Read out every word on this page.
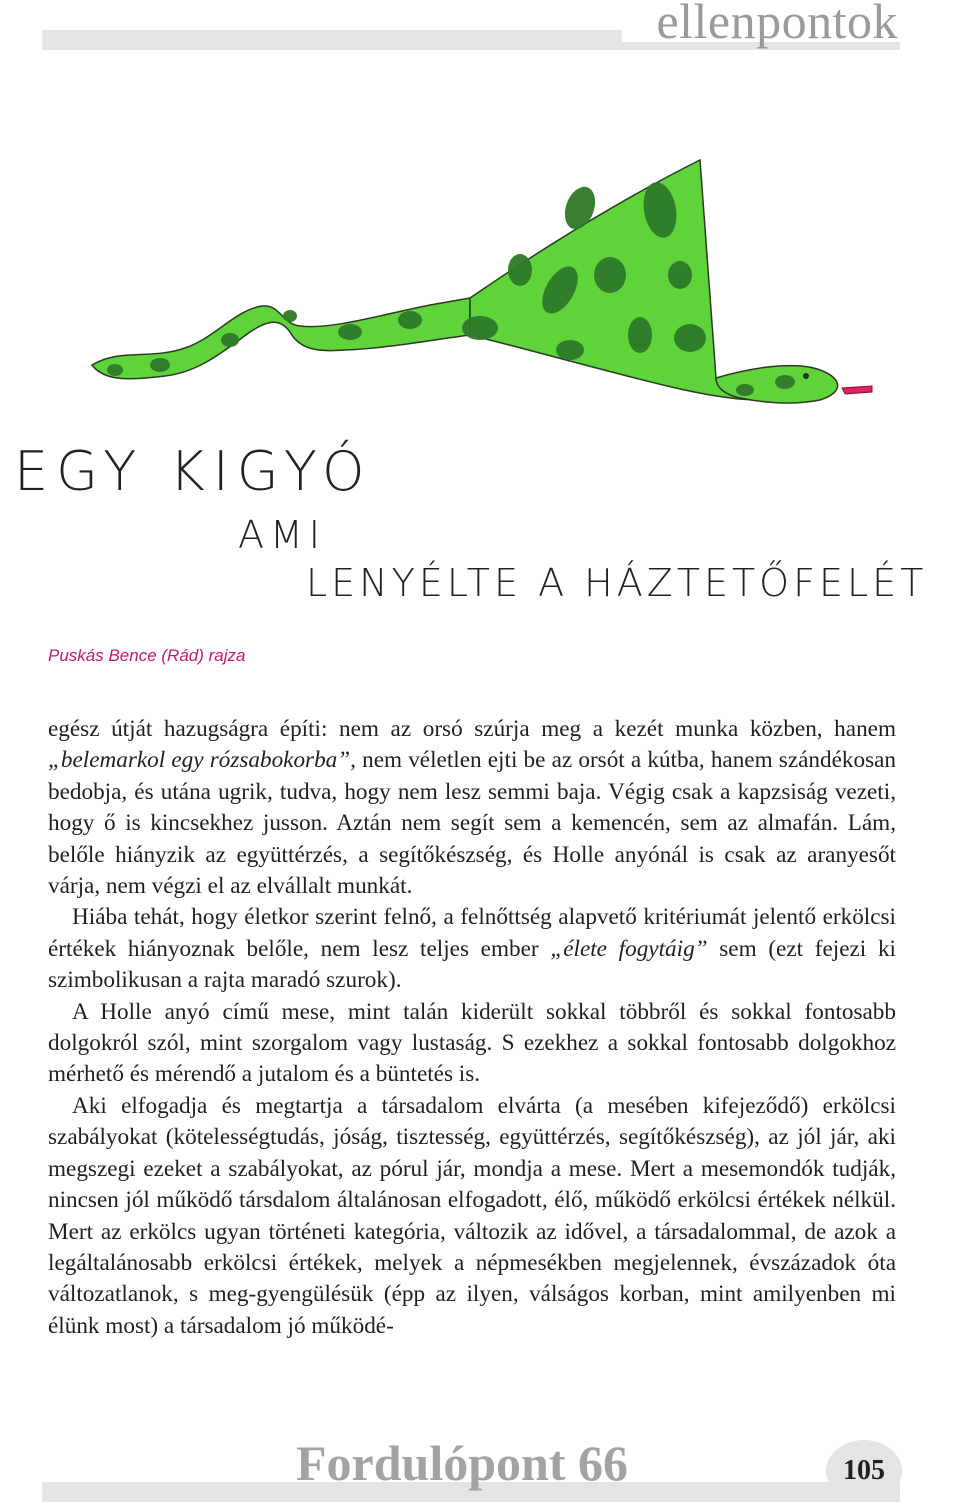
ellenpontok
EGY KIGYÓ
AMI
LENYÉLTE A HÁZTETŐFELÉT
Puskás Bence (Rád) rajza

egész útját hazugságra építi: nem az orsó szúrja meg a kezét munka közben, hanem „belemarkol egy rózsabokorba”, nem véletlen ejti be az orsót a kútba, hanem szándékosan bedobja, és utána ugrik, tudva, hogy nem lesz semmi baja. Végig csak a kapzsiság vezeti, hogy ő is kincsekhez jusson. Aztán nem segít sem a kemencén, sem az almafán. Lám, belőle hiányzik az együttérzés, a segítőkészség, és Holle anyónál is csak az aranyesőt várja, nem végzi el az elvállalt munkát.

Hiába tehát, hogy életkor szerint felnő, a felnőttség alapvető kritériumát jelentő erkölcsi értékek hiányoznak belőle, nem lesz teljes ember „élete fogytáig” sem (ezt fejezi ki szimbolikusan a rajta maradó szurok).

A Holle anyó című mese, mint talán kiderült sokkal többről és sokkal fontosabb dolgokról szól, mint szorgalom vagy lustaság. S ezekhez a sokkal fontosabb dolgokhoz mérhető és mérendő a jutalom és a büntetés is.

Aki elfogadja és megtartja a társadalom elvárta (a mesében kifejeződő) erkölcsi szabályokat (kötelességtudás, jóság, tisztesség, együttérzés, segítőkészség), az jól jár, aki megszegi ezeket a szabályokat, az pórul jár, mondja a mese. Mert a mesemondók tudják, nincsen jól működő társdalom általánosan elfogadott, élő, működő erkölcsi értékek nélkül. Mert az erkölcs ugyan történeti kategória, változik az idővel, a társadalommal, de azok a legáltalánosabb erkölcsi értékek, melyek a népmesékben megjelennek, évszázadok óta változatlanok, s meg-gyengülésük (épp az ilyen, válságos korban, mint amilyenben mi élünk most) a társadalom jó működé-

Fordulópont 66	105
